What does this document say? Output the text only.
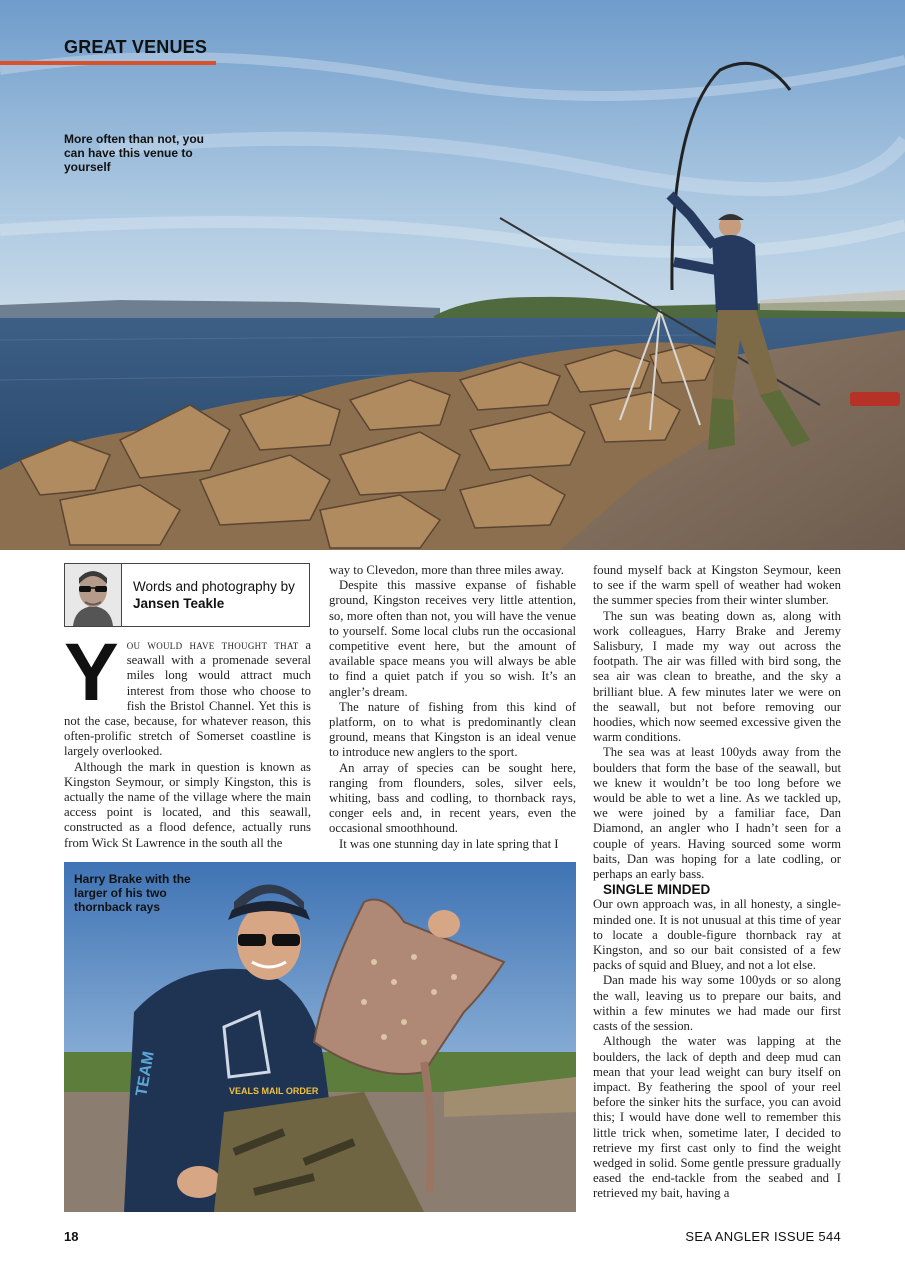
GREAT VENUES
More often than not, you can have this venue to yourself
Words and photography by Jansen Teakle

You would have thought that a seawall with a promenade several miles long would attract much interest from those who choose to fish the Bristol Channel. Yet this is not the case, because, for whatever reason, this often-prolific stretch of Somerset coastline is largely overlooked.

Although the mark in question is known as Kingston Seymour, or simply Kingston, this is actually the name of the village where the main access point is located, and this seawall, constructed as a flood defence, actually runs from Wick St Lawrence in the south all the

way to Clevedon, more than three miles away.

Despite this massive expanse of fishable ground, Kingston receives very little attention, so, more often than not, you will have the venue to yourself. Some local clubs run the occasional competitive event here, but the amount of available space means you will always be able to find a quiet patch if you so wish. It’s an angler’s dream.

The nature of fishing from this kind of platform, on to what is predominantly clean ground, means that Kingston is an ideal venue to introduce new anglers to the sport.

An array of species can be sought here, ranging from flounders, soles, silver eels, whiting, bass and codling, to thornback rays, conger eels and, in recent years, even the occasional smoothhound.

It was one stunning day in late spring that I

found myself back at Kingston Seymour, keen to see if the warm spell of weather had woken the summer species from their winter slumber.

The sun was beating down as, along with work colleagues, Harry Brake and Jeremy Salisbury, I made my way out across the footpath. The air was filled with bird song, the sea air was clean to breathe, and the sky a brilliant blue. A few minutes later we were on the seawall, but not before removing our hoodies, which now seemed excessive given the warm conditions.

The sea was at least 100yds away from the boulders that form the base of the seawall, but we knew it wouldn’t be too long before we would be able to wet a line. As we tackled up, we were joined by a familiar face, Dan Diamond, an angler who I hadn’t seen for a couple of years. Having sourced some worm baits, Dan was hoping for a late codling, or perhaps an early bass.

SINGLE MINDED

Our own approach was, in all honesty, a single-minded one. It is not unusual at this time of year to locate a double-figure thornback ray at Kingston, and so our bait consisted of a few packs of squid and Bluey, and not a lot else.

Dan made his way some 100yds or so along the wall, leaving us to prepare our baits, and within a few minutes we had made our first casts of the session.

Although the water was lapping at the boulders, the lack of depth and deep mud can mean that your lead weight can bury itself on impact. By feathering the spool of your reel before the sinker hits the surface, you can avoid this; I would have done well to remember this little trick when, sometime later, I decided to retrieve my first cast only to find the weight wedged in solid. Some gentle pressure gradually eased the end-tackle from the seabed and I retrieved my bait, having a

TEAM	VEALS MAIL ORDER
Harry Brake with the larger of his two thornback rays
18	SEA ANGLER ISSUE 544
